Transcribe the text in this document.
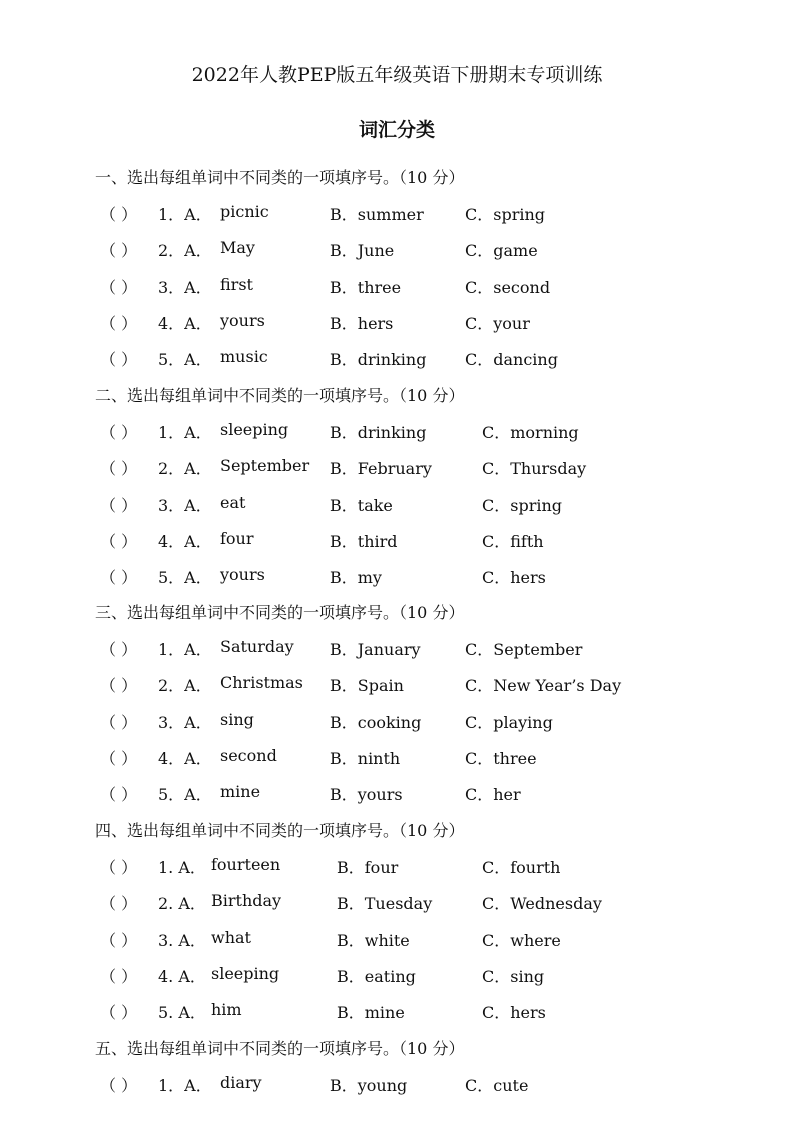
2022年人教PEP版五年级英语下册期末专项训练
词汇分类
一、选出每组单词中不同类的一项填序号。（10 分）
（ ） 1．A． picnic	B．summer	C．spring
（ ） 2．A． May	B．June	C．game
（ ） 3．A． first	B．three	C．second
（ ） 4．A． yours	B．hers	C．your
（ ） 5．A． music	B．drinking C．dancing
二、选出每组单词中不同类的一项填序号。（10 分）
（ ） 1．A． sleeping	B．drinking	C．morning
（ ） 2．A． September B．February	C．Thursday
（ ） 3．A． eat	B．take	C．spring
（ ） 4．A． four	B．third	C．fifth
（ ） 5．A． yours	B．my	C．hers
三、选出每组单词中不同类的一项填序号。（10 分）
（ ） 1．A． Saturday B．January	C．September
（ ） 2．A． Christmas B．Spain	C．New Year’s Day
（ ） 3．A． sing	B．cooking	C．playing
（ ） 4．A． second	B．ninth	C．three
（ ） 5．A． mine	B．yours	C．her
四、选出每组单词中不同类的一项填序号。（10 分）
（ ） 1. A． fourteen	B．four	C．fourth
（ ） 2. A． Birthday	B．Tuesday	C．Wednesday
（ ） 3. A． what	B．white	C．where
（ ） 4. A． sleeping	B．eating	C．sing
（ ） 5. A． him	B．mine	C．hers
五、选出每组单词中不同类的一项填序号。（10 分）
（ ） 1．A． diary	B．young	C．cute
